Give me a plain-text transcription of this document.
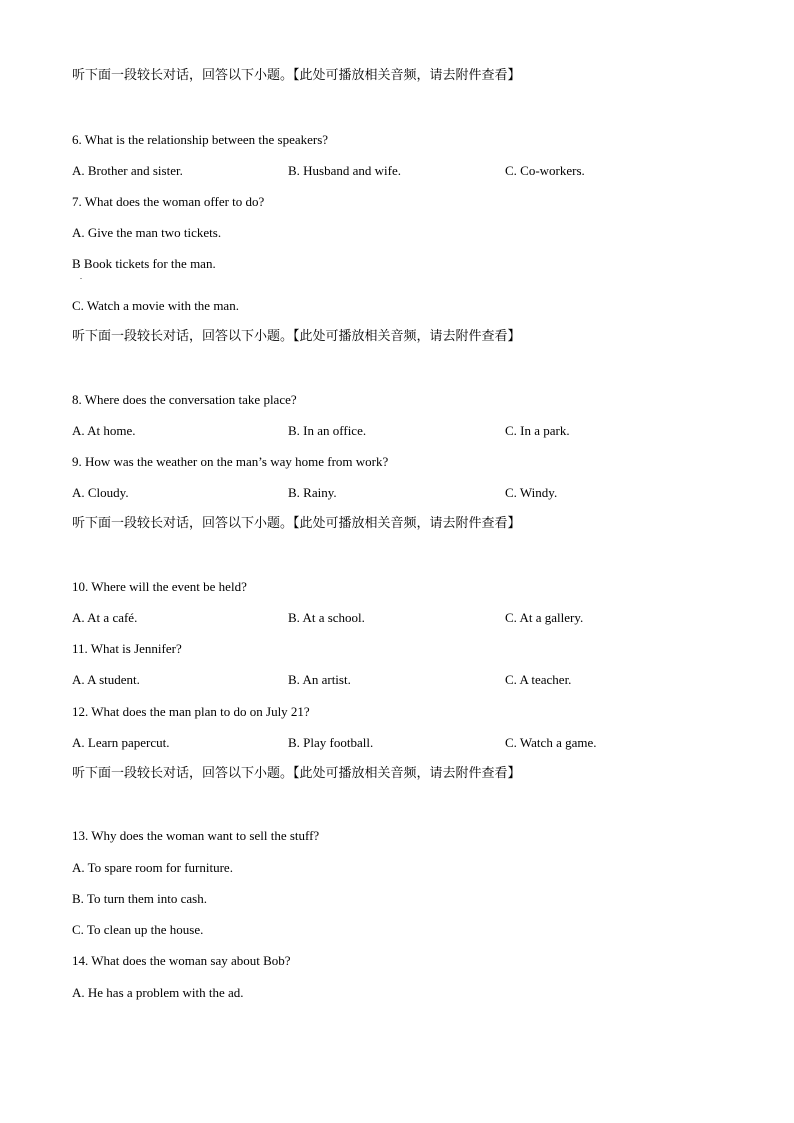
听下面一段较长对话，回答以下小题。【此处可播放相关音频，请去附件查看】
6. What is the relationship between the speakers?
A. Brother and sister.	B. Husband and wife.	C. Co-workers.
7. What does the woman offer to do?
A. Give the man two tickets.
B Book tickets for the man.
.
C. Watch a movie with the man.
听下面一段较长对话，回答以下小题。【此处可播放相关音频，请去附件查看】
8. Where does the conversation take place?
A. At home.	B. In an office.	C. In a park.
9. How was the weather on the man’s way home from work?
A. Cloudy.	B. Rainy.	C. Windy.
听下面一段较长对话，回答以下小题。【此处可播放相关音频，请去附件查看】
10. Where will the event be held?
A. At a café.	B. At a school.	C. At a gallery.
11. What is Jennifer?
A. A student.	B. An artist.	C. A teacher.
12. What does the man plan to do on July 21?
A. Learn papercut.	B. Play football.	C. Watch a game.
听下面一段较长对话，回答以下小题。【此处可播放相关音频，请去附件查看】
13. Why does the woman want to sell the stuff?
A. To spare room for furniture.
B. To turn them into cash.
C. To clean up the house.
14. What does the woman say about Bob?
A. He has a problem with the ad.
